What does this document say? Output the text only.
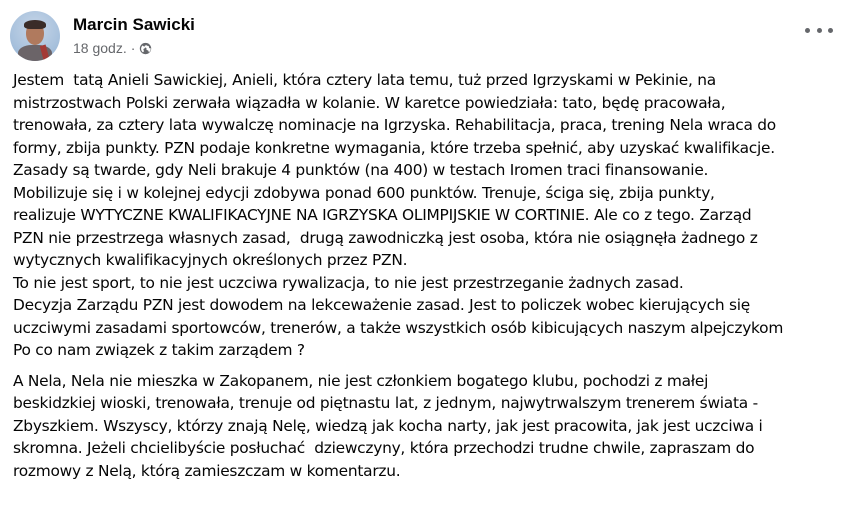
Marcin Sawicki
18 godz. ·
Jestem  tatą Anieli Sawickiej, Anieli, która cztery lata temu, tuż przed Igrzyskami w Pekinie, na
mistrzostwach Polski zerwała wiązadła w kolanie. W karetce powiedziała: tato, będę pracowała,
trenowała, za cztery lata wywalczę nominacje na Igrzyska. Rehabilitacja, praca, trening Nela wraca do
formy, zbija punkty. PZN podaje konkretne wymagania, które trzeba spełnić, aby uzyskać kwalifikacje.
Zasady są twarde, gdy Neli brakuje 4 punktów (na 400) w testach Iromen traci finansowanie.
Mobilizuje się i w kolejnej edycji zdobywa ponad 600 punktów. Trenuje, ściga się, zbija punkty,
realizuje WYTYCZNE KWALIFIKACYJNE NA IGRZYSKA OLIMPIJSKIE W CORTINIE. Ale co z tego. Zarząd
PZN nie przestrzega własnych zasad,  drugą zawodniczką jest osoba, która nie osiągnęła żadnego z
wytycznych kwalifikacyjnych określonych przez PZN.
To nie jest sport, to nie jest uczciwa rywalizacja, to nie jest przestrzeganie żadnych zasad.
Decyzja Zarządu PZN jest dowodem na lekceważenie zasad. Jest to policzek wobec kierujących się
uczciwymi zasadami sportowców, trenerów, a także wszystkich osób kibicujących naszym alpejczykom
Po co nam związek z takim zarządem ?
A Nela, Nela nie mieszka w Zakopanem, nie jest członkiem bogatego klubu, pochodzi z małej
beskidzkiej wioski, trenowała, trenuje od piętnastu lat, z jednym, najwytrwalszym trenerem świata -
Zbyszkiem. Wszyscy, którzy znają Nelę, wiedzą jak kocha narty, jak jest pracowita, jak jest uczciwa i
skromna. Jeżeli chcielibyście posłuchać  dziewczyny, która przechodzi trudne chwile, zapraszam do
rozmowy z Nelą, którą zamieszczam w komentarzu.
